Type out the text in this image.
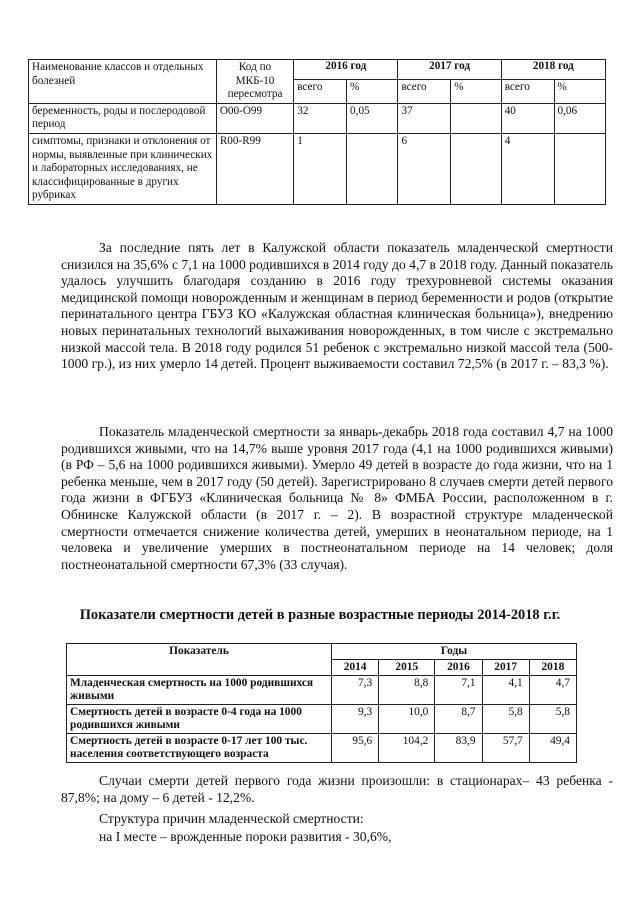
Наименование классов и отдельных болезней	Код по МКБ-10 пересмотра	2016 год		2017 год		2018 год	
		всего	%	всего	%	всего	%
беременность, роды и послеродовой период	O00-O99	32	0,05	37		40	0,06
симптомы, признаки и отклонения от нормы, выявленные при клинических и лабораторных исследованиях, не классифицированные в других рубриках	R00-R99	1		6		4	

За последние пять лет в Калужской области показатель младенческой смертности снизился на 35,6% с 7,1 на 1000 родившихся в 2014 году до 4,7 в 2018 году. Данный показатель удалось улучшить благодаря созданию в 2016 году трехуровневой системы оказания медицинской помощи новорожденным и женщинам в период беременности и родов (открытие перинатального центра ГБУЗ КО «Калужская областная клиническая больница»), внедрению новых перинатальных технологий выхаживания новорожденных, в том числе с экстремально низкой массой тела. В 2018 году родился 51 ребенок с экстремально низкой массой тела (500-1000 гр.), из них умерло 14 детей. Процент выживаемости составил 72,5% (в 2017 г. – 83,3 %).

Показатель младенческой смертности за январь-декабрь 2018 года составил 4,7 на 1000 родившихся живыми, что на 14,7% выше уровня 2017 года (4,1 на 1000 родившихся живыми) (в РФ – 5,6 на 1000 родившихся живыми). Умерло 49 детей в возрасте до года жизни, что на 1 ребенка меньше, чем в 2017 году (50 детей). Зарегистрировано 8 случаев смерти детей первого года жизни в ФГБУЗ «Клиническая больница № 8» ФМБА России, расположенном в г. Обнинске Калужской области (в 2017 г. – 2). В возрастной структуре младенческой смертности отмечается снижение количества детей, умерших в неонатальном периоде, на 1 человека и увеличение умерших в постнеонатальном периоде на 14 человек; доля постнеонатальной смертности 67,3% (33 случая).

Показатели смертности детей в разные возрастные периоды 2014-2018 г.г.

Показатель	Годы				
	2014	2015	2016	2017	2018
Младенческая смертность на 1000 родившихся живыми	7,3	8,8	7,1	4,1	4,7
Смертность детей в возрасте 0-4 года на 1000 родившихся живыми	9,3	10,0	8,7	5,8	5,8
Смертность детей в возрасте 0-17 лет 100 тыс. населения соответствующего возраста	95,6	104,2	83,9	57,7	49,4

Случаи смерти детей первого года жизни произошли: в стационарах– 43 ребенка - 87,8%; на дому – 6 детей - 12,2%.

Структура причин младенческой смертности:

на I месте – врожденные пороки развития - 30,6%,
